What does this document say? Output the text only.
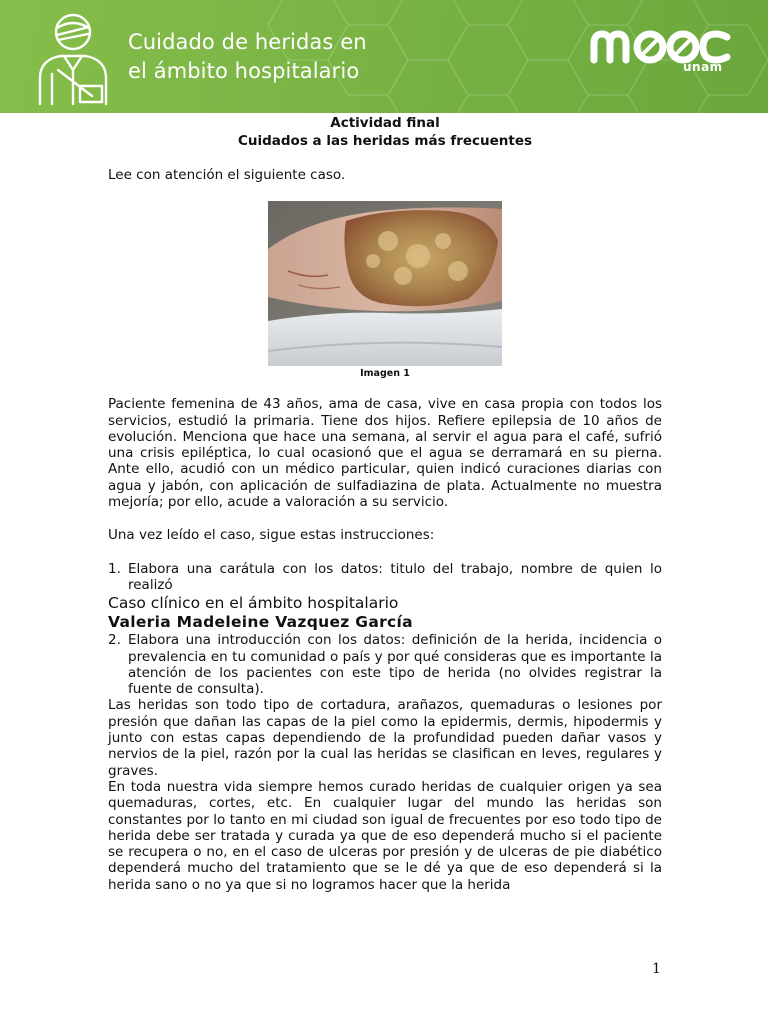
Cuidado de heridas en
el ámbito hospitalario	unam

Actividad final

Cuidados a las heridas más frecuentes

Lee con atención el siguiente caso.

Imagen 1

Paciente femenina de 43 años, ama de casa, vive en casa propia con todos los servicios, estudió la primaria. Tiene dos hijos. Refiere epilepsia de 10 años de evolución. Menciona que hace una semana, al servir el agua para el café, sufrió una crisis epiléptica, lo cual ocasionó que el agua se derramará en su pierna. Ante ello, acudió con un médico particular, quien indicó curaciones diarias con agua y jabón, con aplicación de sulfadiazina de plata. Actualmente no muestra mejoría; por ello, acude a valoración a su servicio.

Una vez leído el caso, sigue estas instrucciones:

1. Elabora una carátula con los datos: titulo del trabajo, nombre de quien lo realizó

Caso clínico en el ámbito hospitalario

Valeria Madeleine Vazquez García

2. Elabora una introducción con los datos: definición de la herida, incidencia o prevalencia en tu comunidad o país y por qué consideras que es importante la atención de los pacientes con este tipo de herida (no olvides registrar la fuente de consulta).

Las heridas son todo tipo de cortadura, arañazos, quemaduras o lesiones por presión que dañan las capas de la piel como la epidermis, dermis, hipodermis y junto con estas capas dependiendo de la profundidad pueden dañar vasos y nervios de la piel, razón por la cual las heridas se clasifican en leves, regulares y graves.

En toda nuestra vida siempre hemos curado heridas de cualquier origen ya sea quemaduras, cortes, etc. En cualquier lugar del mundo las heridas son constantes por lo tanto en mi ciudad son igual de frecuentes por eso todo tipo de herida debe ser tratada y curada ya que de eso dependerá mucho si el paciente se recupera o no, en el caso de ulceras por presión y de ulceras de pie diabético dependerá mucho del tratamiento que se le dé ya que de eso dependerá si la herida sano o no ya que si no logramos hacer que la herida

1
